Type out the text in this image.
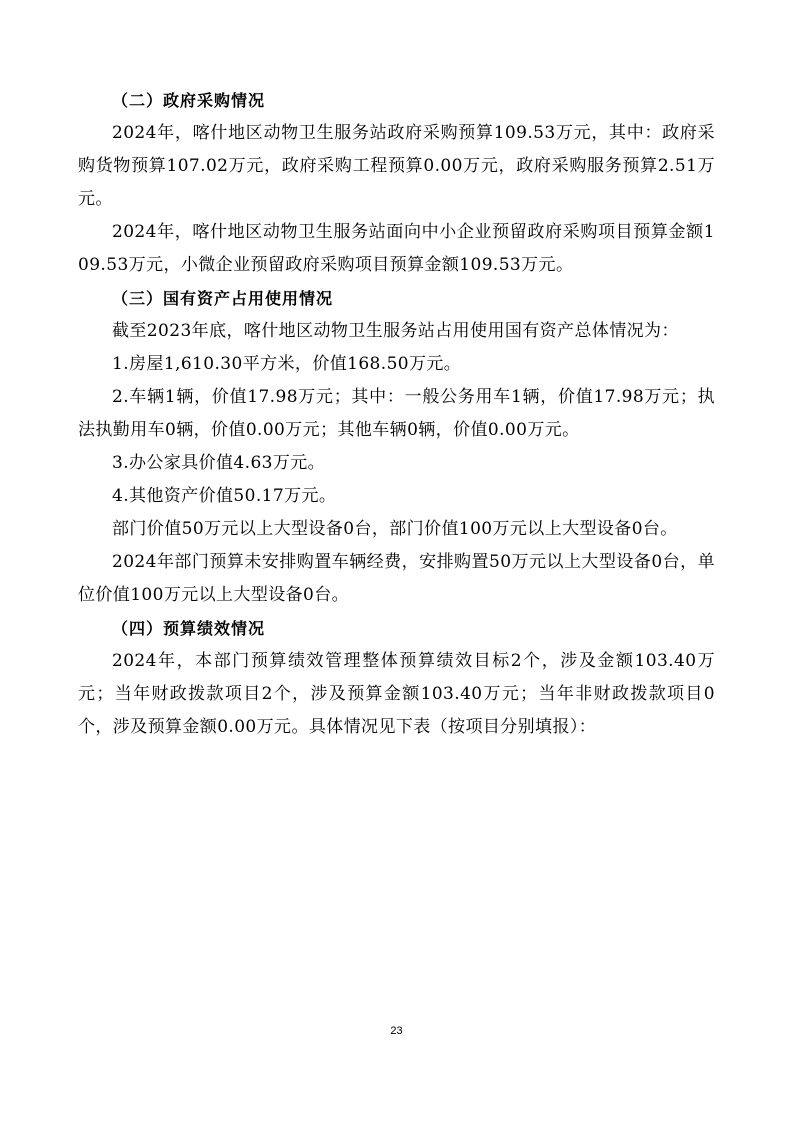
（二）政府采购情况

2024年，喀什地区动物卫生服务站政府采购预算109.53万元，其中：政府采购货物预算107.02万元，政府采购工程预算0.00万元，政府采购服务预算2.51万元。

2024年，喀什地区动物卫生服务站面向中小企业预留政府采购项目预算金额109.53万元，小微企业预留政府采购项目预算金额109.53万元。

（三）国有资产占用使用情况

截至2023年底，喀什地区动物卫生服务站占用使用国有资产总体情况为：

1.房屋1,610.30平方米，价值168.50万元。

2.车辆1辆，价值17.98万元；其中：一般公务用车1辆，价值17.98万元；执法执勤用车0辆，价值0.00万元；其他车辆0辆，价值0.00万元。

3.办公家具价值4.63万元。

4.其他资产价值50.17万元。

部门价值50万元以上大型设备0台，部门价值100万元以上大型设备0台。

2024年部门预算未安排购置车辆经费，安排购置50万元以上大型设备0台，单位价值100万元以上大型设备0台。

（四）预算绩效情况

2024年，本部门预算绩效管理整体预算绩效目标2个，涉及金额103.40万元；当年财政拨款项目2个，涉及预算金额103.40万元；当年非财政拨款项目0个，涉及预算金额0.00万元。具体情况见下表（按项目分别填报）：

23
